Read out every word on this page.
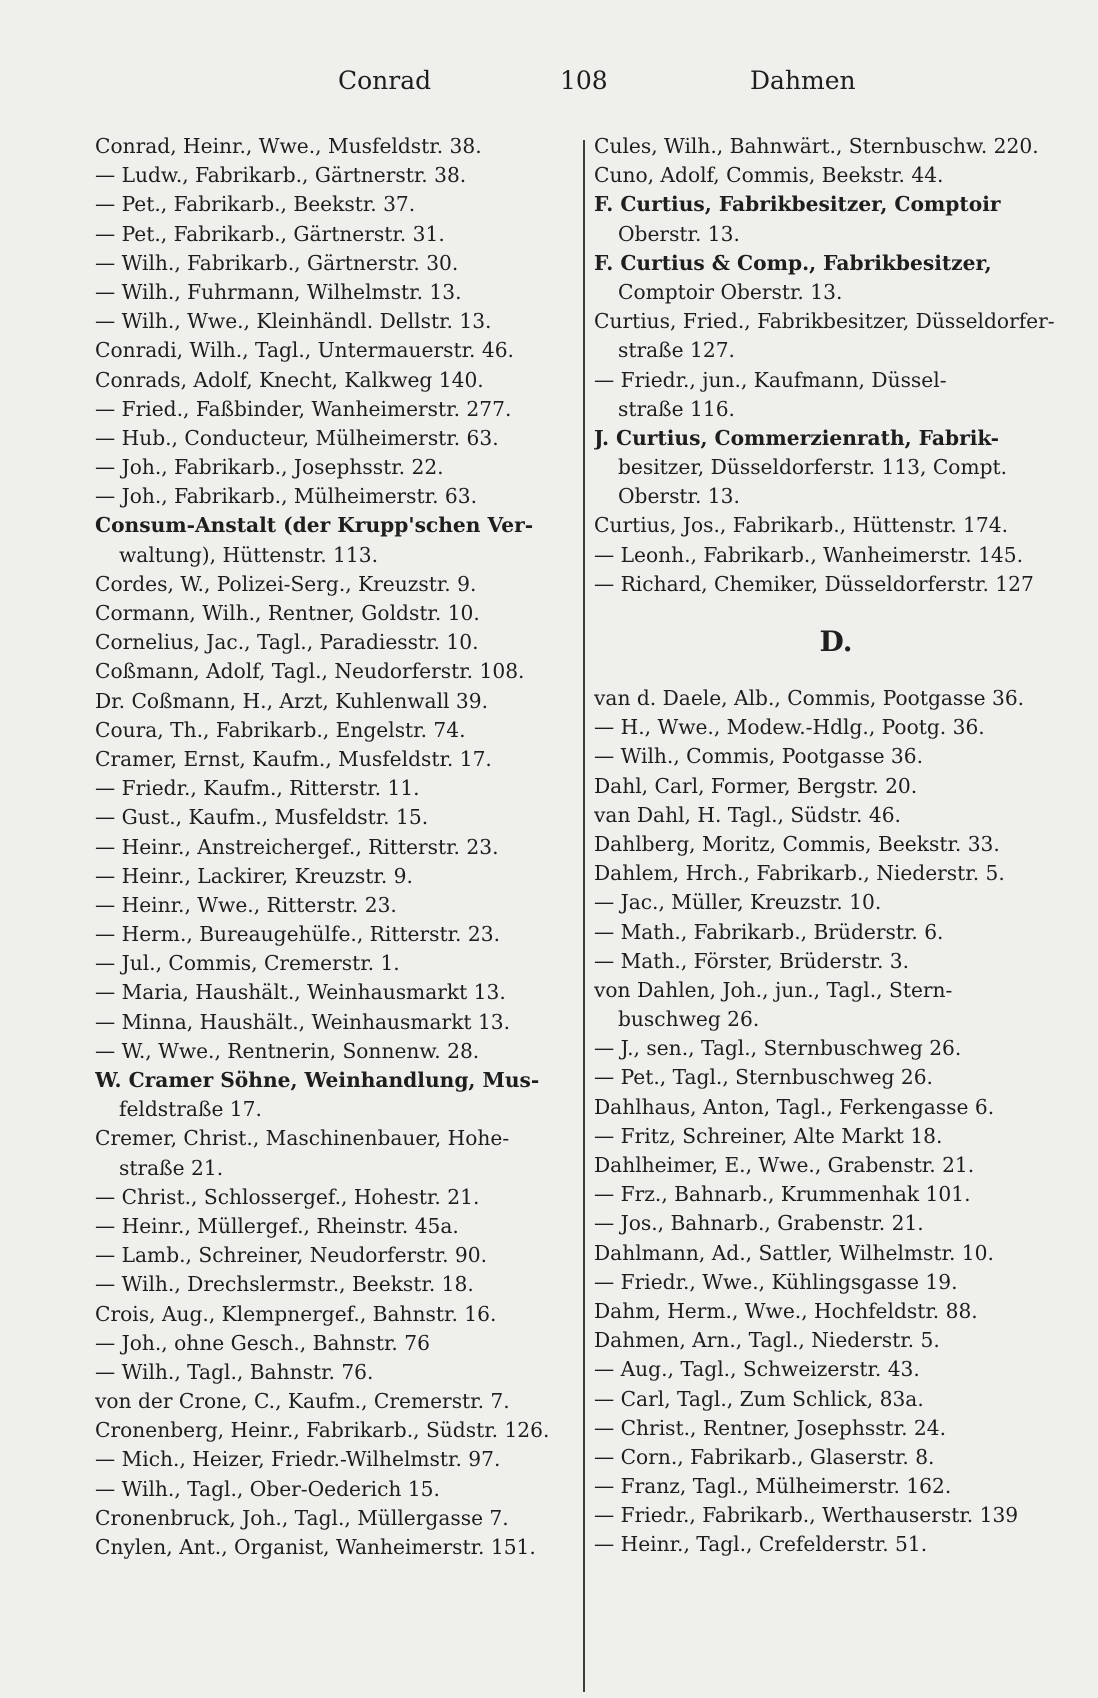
Conrad	108	Dahmen
Conrad, Heinr., Wwe., Musfeldstr. 38.
— Ludw., Fabrikarb., Gärtnerstr. 38.
— Pet., Fabrikarb., Beekstr. 37.
— Pet., Fabrikarb., Gärtnerstr. 31.
— Wilh., Fabrikarb., Gärtnerstr. 30.
— Wilh., Fuhrmann, Wilhelmstr. 13.
— Wilh., Wwe., Kleinhändl. Dellstr. 13.
Conradi, Wilh., Tagl., Untermauerstr. 46.
Conrads, Adolf, Knecht, Kalkweg 140.
— Fried., Faßbinder, Wanheimerstr. 277.
— Hub., Conducteur, Mülheimerstr. 63.
— Joh., Fabrikarb., Josephsstr. 22.
— Joh., Fabrikarb., Mülheimerstr. 63.
Consum-Anstalt (der Krupp'schen Ver-
waltung), Hüttenstr. 113.
Cordes, W., Polizei-Serg., Kreuzstr. 9.
Cormann, Wilh., Rentner, Goldstr. 10.
Cornelius, Jac., Tagl., Paradiesstr. 10.
Coßmann, Adolf, Tagl., Neudorferstr. 108.
Dr. Coßmann, H., Arzt, Kuhlenwall 39.
Coura, Th., Fabrikarb., Engelstr. 74.
Cramer, Ernst, Kaufm., Musfeldstr. 17.
— Friedr., Kaufm., Ritterstr. 11.
— Gust., Kaufm., Musfeldstr. 15.
— Heinr., Anstreichergef., Ritterstr. 23.
— Heinr., Lackirer, Kreuzstr. 9.
— Heinr., Wwe., Ritterstr. 23.
— Herm., Bureaugehülfe., Ritterstr. 23.
— Jul., Commis, Cremerstr. 1.
— Maria, Haushält., Weinhausmarkt 13.
— Minna, Haushält., Weinhausmarkt 13.
— W., Wwe., Rentnerin, Sonnenw. 28.
W. Cramer Söhne, Weinhandlung, Mus-
feldstraße 17.
Cremer, Christ., Maschinenbauer, Hohe-
straße 21.
— Christ., Schlossergef., Hohestr. 21.
— Heinr., Müllergef., Rheinstr. 45a.
— Lamb., Schreiner, Neudorferstr. 90.
— Wilh., Drechslermstr., Beekstr. 18.
Crois, Aug., Klempnergef., Bahnstr. 16.
— Joh., ohne Gesch., Bahnstr. 76
— Wilh., Tagl., Bahnstr. 76.
von der Crone, C., Kaufm., Cremerstr. 7.
Cronenberg, Heinr., Fabrikarb., Südstr. 126.
— Mich., Heizer, Friedr.-Wilhelmstr. 97.
— Wilh., Tagl., Ober-Oederich 15.
Cronenbruck, Joh., Tagl., Müllergasse 7.
Cnylen, Ant., Organist, Wanheimerstr. 151.
Cules, Wilh., Bahnwärt., Sternbuschw. 220.
Cuno, Adolf, Commis, Beekstr. 44.
F. Curtius, Fabrikbesitzer, Comptoir
Oberstr. 13.
F. Curtius & Comp., Fabrikbesitzer,
Comptoir Oberstr. 13.
Curtius, Fried., Fabrikbesitzer, Düsseldorfer-
straße 127.
— Friedr., jun., Kaufmann, Düssel-
straße 116.
J. Curtius, Commerzienrath, Fabrik-
besitzer, Düsseldorferstr. 113, Compt.
Oberstr. 13.
Curtius, Jos., Fabrikarb., Hüttenstr. 174.
— Leonh., Fabrikarb., Wanheimerstr. 145.
— Richard, Chemiker, Düsseldorferstr. 127
D.
van d. Daele, Alb., Commis, Pootgasse 36.
— H., Wwe., Modew.-Hdlg., Pootg. 36.
— Wilh., Commis, Pootgasse 36.
Dahl, Carl, Former, Bergstr. 20.
van Dahl, H. Tagl., Südstr. 46.
Dahlberg, Moritz, Commis, Beekstr. 33.
Dahlem, Hrch., Fabrikarb., Niederstr. 5.
— Jac., Müller, Kreuzstr. 10.
— Math., Fabrikarb., Brüderstr. 6.
— Math., Förster, Brüderstr. 3.
von Dahlen, Joh., jun., Tagl., Stern-
buschweg 26.
— J., sen., Tagl., Sternbuschweg 26.
— Pet., Tagl., Sternbuschweg 26.
Dahlhaus, Anton, Tagl., Ferkengasse 6.
— Fritz, Schreiner, Alte Markt 18.
Dahlheimer, E., Wwe., Grabenstr. 21.
— Frz., Bahnarb., Krummenhak 101.
— Jos., Bahnarb., Grabenstr. 21.
Dahlmann, Ad., Sattler, Wilhelmstr. 10.
— Friedr., Wwe., Kühlingsgasse 19.
Dahm, Herm., Wwe., Hochfeldstr. 88.
Dahmen, Arn., Tagl., Niederstr. 5.
— Aug., Tagl., Schweizerstr. 43.
— Carl, Tagl., Zum Schlick, 83a.
— Christ., Rentner, Josephsstr. 24.
— Corn., Fabrikarb., Glaserstr. 8.
— Franz, Tagl., Mülheimerstr. 162.
— Friedr., Fabrikarb., Werthauserstr. 139
— Heinr., Tagl., Crefelderstr. 51.
